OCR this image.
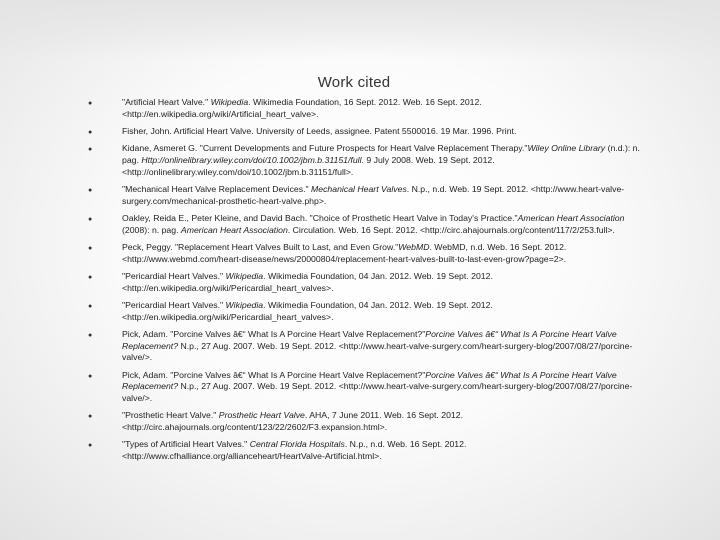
Work cited
●	"Artificial Heart Valve." Wikipedia. Wikimedia Foundation, 16 Sept. 2012. Web. 16 Sept. 2012. <http://en.wikipedia.org/wiki/Artificial_heart_valve>.
●	Fisher, John. Artificial Heart Valve. University of Leeds, assignee. Patent 5500016. 19 Mar. 1996. Print.
●	Kidane, Asmeret G. "Current Developments and Future Prospects for Heart Valve Replacement Therapy."Wiley Online Library (n.d.): n. pag. Http://onlinelibrary.wiley.com/doi/10.1002/jbm.b.31151/full. 9 July 2008. Web. 19 Sept. 2012. <http://onlinelibrary.wiley.com/doi/10.1002/jbm.b.31151/full>.
●	"Mechanical Heart Valve Replacement Devices." Mechanical Heart Valves. N.p., n.d. Web. 19 Sept. 2012. <http://www.heart-valve-surgery.com/mechanical-prosthetic-heart-valve.php>.
●	Oakley, Reida E., Peter Kleine, and David Bach. "Choice of Prosthetic Heart Valve in Today's Practice."American Heart Association (2008): n. pag. American Heart Association. Circulation. Web. 16 Sept. 2012. <http://circ.ahajournals.org/content/117/2/253.full>.
●	Peck, Peggy. "Replacement Heart Valves Built to Last, and Even Grow."WebMD. WebMD, n.d. Web. 16 Sept. 2012. <http://www.webmd.com/heart-disease/news/20000804/replacement-heart-valves-built-to-last-even-grow?page=2>.
●	"Pericardial Heart Valves." Wikipedia. Wikimedia Foundation, 04 Jan. 2012. Web. 19 Sept. 2012. <http://en.wikipedia.org/wiki/Pericardial_heart_valves>.
●	"Pericardial Heart Valves." Wikipedia. Wikimedia Foundation, 04 Jan. 2012. Web. 19 Sept. 2012. <http://en.wikipedia.org/wiki/Pericardial_heart_valves>.
●	Pick, Adam. "Porcine Valves â€“ What Is A Porcine Heart Valve Replacement?"Porcine Valves â€“ What Is A Porcine Heart Valve Replacement? N.p., 27 Aug. 2007. Web. 19 Sept. 2012. <http://www.heart-valve-surgery.com/heart-surgery-blog/2007/08/27/porcine-valve/>.
●	Pick, Adam. "Porcine Valves â€“ What Is A Porcine Heart Valve Replacement?"Porcine Valves â€“ What Is A Porcine Heart Valve Replacement? N.p., 27 Aug. 2007. Web. 19 Sept. 2012. <http://www.heart-valve-surgery.com/heart-surgery-blog/2007/08/27/porcine-valve/>.
●	"Prosthetic Heart Valve." Prosthetic Heart Valve. AHA, 7 June 2011. Web. 16 Sept. 2012. <http://circ.ahajournals.org/content/123/22/2602/F3.expansion.html>.
●	"Types of Artificial Heart Valves." Central Florida Hospitals. N.p., n.d. Web. 16 Sept. 2012. <http://www.cfhalliance.org/allianceheart/HeartValve-Artificial.html>.
